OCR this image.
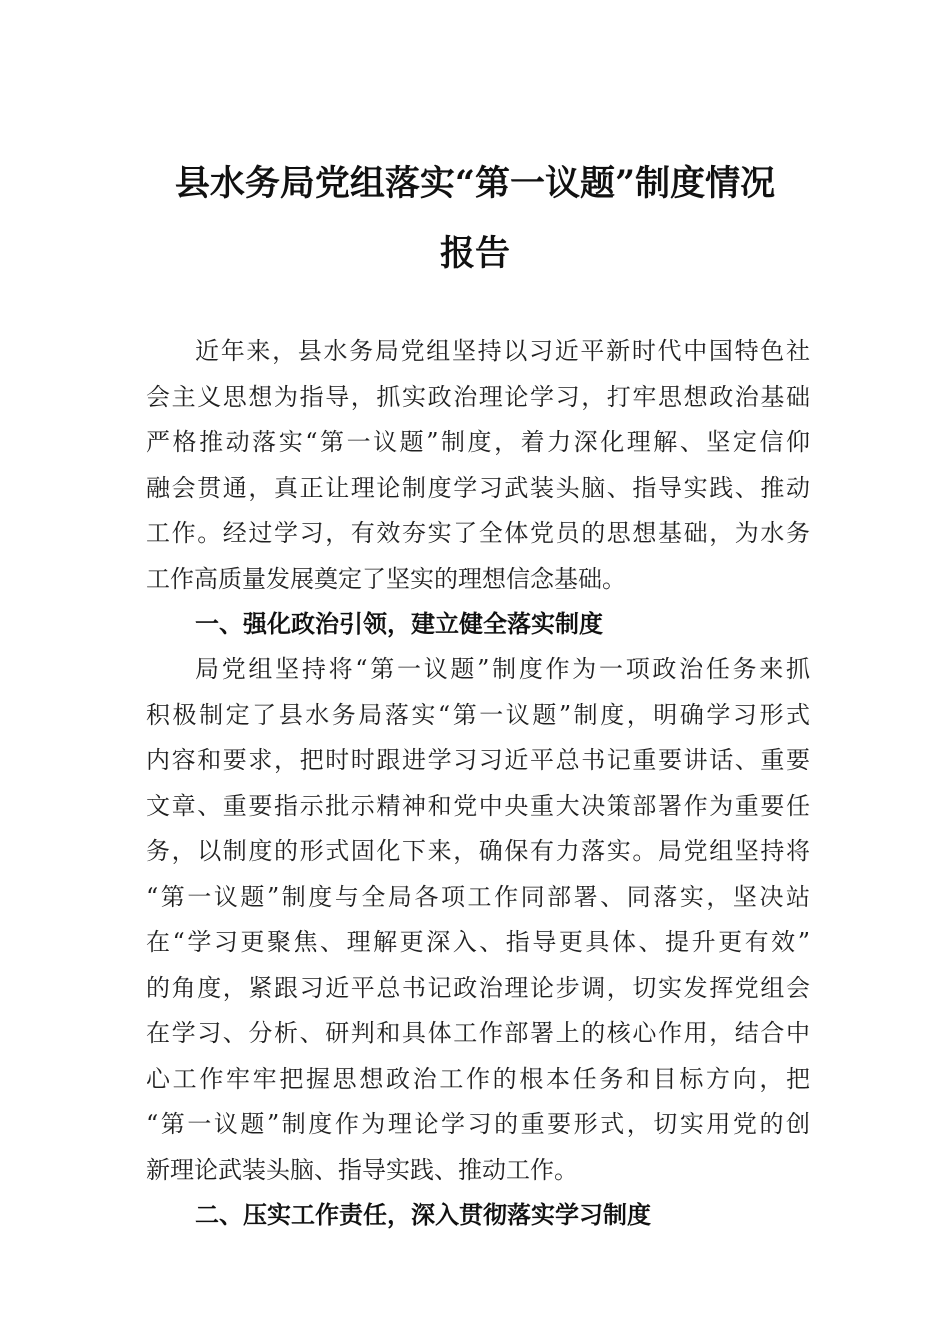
县水务局党组落实“第一议题”制度情况
报告
近年来，县水务局党组坚持以习近平新时代中国特色社
会主义思想为指导，抓实政治理论学习，打牢思想政治基础
严格推动落实“第一议题”制度，着力深化理解、坚定信仰
融会贯通，真正让理论制度学习武装头脑、指导实践、推动
工作。经过学习，有效夯实了全体党员的思想基础，为水务
工作高质量发展奠定了坚实的理想信念基础。
一、强化政治引领，建立健全落实制度
局党组坚持将“第一议题”制度作为一项政治任务来抓
积极制定了县水务局落实“第一议题”制度，明确学习形式
内容和要求，把时时跟进学习习近平总书记重要讲话、重要
文章、重要指示批示精神和党中央重大决策部署作为重要任
务，以制度的形式固化下来，确保有力落实。局党组坚持将
“第一议题”制度与全局各项工作同部署、同落实，坚决站
在“学习更聚焦、理解更深入、指导更具体、提升更有效”
的角度，紧跟习近平总书记政治理论步调，切实发挥党组会
在学习、分析、研判和具体工作部署上的核心作用，结合中
心工作牢牢把握思想政治工作的根本任务和目标方向，把
“第一议题”制度作为理论学习的重要形式，切实用党的创
新理论武装头脑、指导实践、推动工作。
二、压实工作责任，深入贯彻落实学习制度
